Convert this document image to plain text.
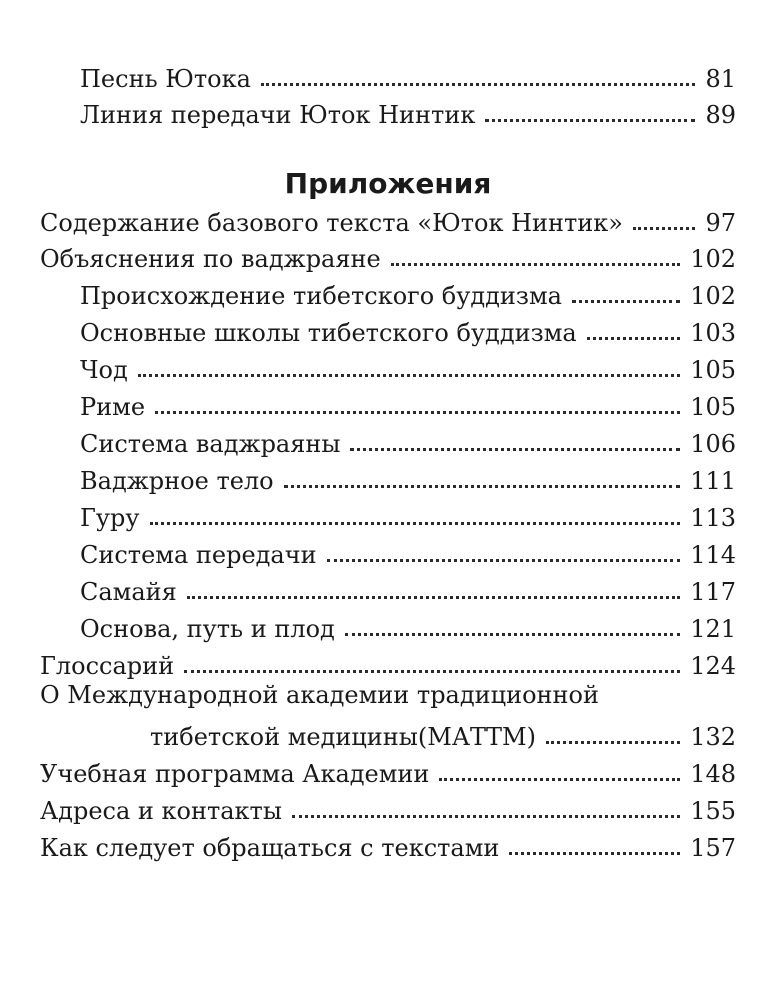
Песнь Ютока	81
Линия передачи Юток Нинтик	89
Приложения
Содержание базового текста «Юток Нинтик»	97
Объяснения по ваджраяне	102
Происхождение тибетского буддизма	102
Основные школы тибетского буддизма	103
Чод	105
Риме	105
Система ваджраяны	106
Ваджрное тело	111
Гуру	113
Система передачи	114
Самайя	117
Основа, путь и плод	121
Глоссарий	124
О Международной академии традиционной
тибетской медицины(МАТТМ)	132
Учебная программа Академии	148
Адреса и контакты	155
Как следует обращаться с текстами	157
